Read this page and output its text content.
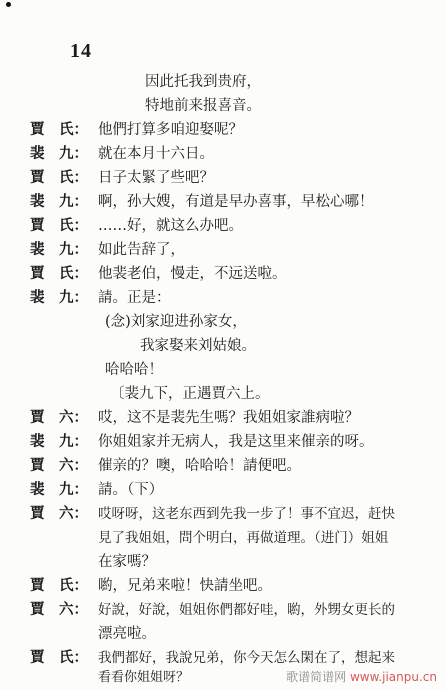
14
因此托我到贵府，
特地前来报喜音。
賈　氏： 他們打算多咱迎娶呢？
裴　九： 就在本月十六日。
賈　氏： 日子太緊了些吧？
裴　九： 啊，孙大嫂，有道是早办喜事，早松心哪！
賈　氏： ……好，就这么办吧。
裴　九： 如此告辞了，
賈　氏： 他裴老伯，慢走，不远送啦。
裴　九： 請。正是：
(念)刘家迎进孙家女，
我家娶来刘姑娘。
哈哈哈！
〔裴九下，正遇賈六上。
賈　六： 哎，这不是裴先生嗎？我姐姐家誰病啦？
裴　九： 你姐姐家并无病人，我是这里来催亲的呀。
賈　六： 催亲的？噢，哈哈哈！請便吧。
裴　九： 請。（下）
賈　六： 哎呀呀，这老东西到先我一步了！事不宜迟，赶快
見了我姐姐，問个明白，再做道理。（进门）姐姐
在家嗎？
賈　氏： 喲，兄弟来啦！快請坐吧。
賈　六： 好說，好說，姐姐你們都好哇，喲，外甥女更长的
漂亮啦。
賈　氏： 我們都好，我說兄弟，你今天怎么閑在了，想起来
看看你姐姐呀？	歌谱简谱网 www.jianpu.cn
